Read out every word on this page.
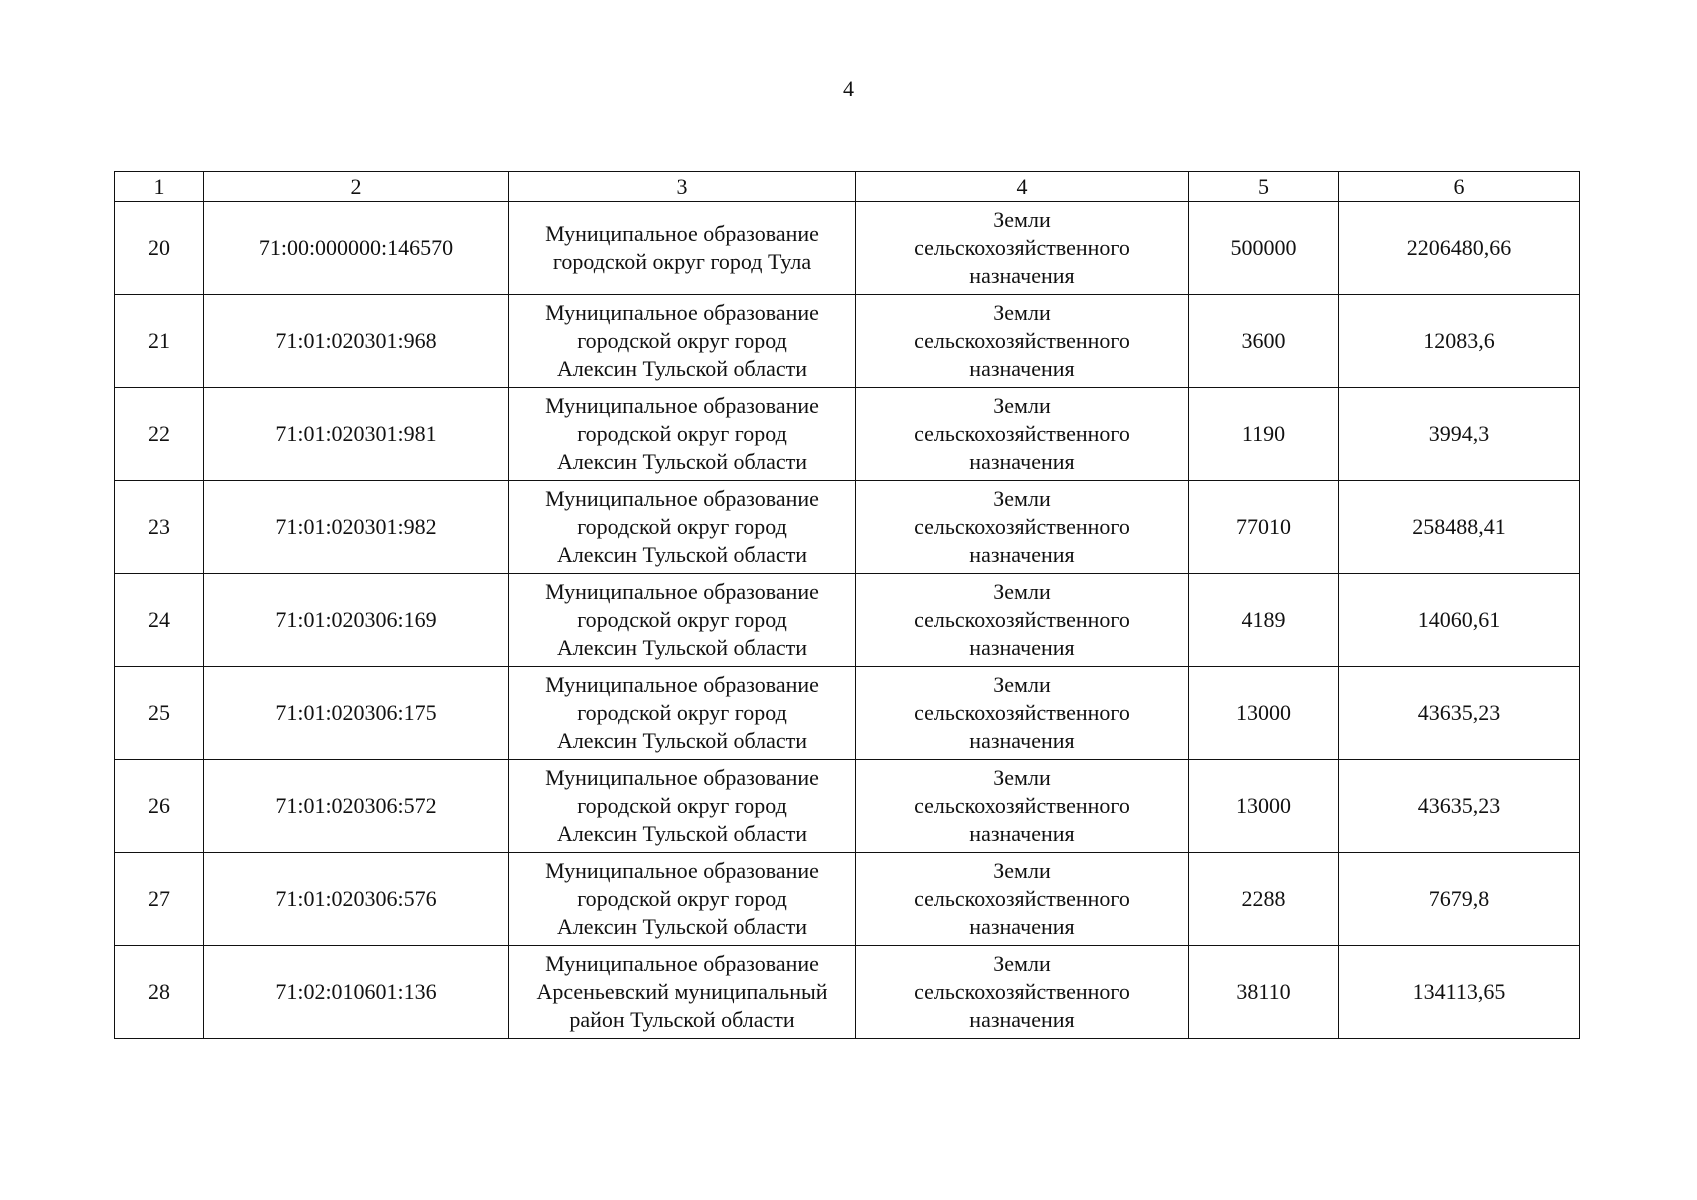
4
1	2	3	4	5	6
20	71:00:000000:146570	Муниципальное образование
городской округ город Тула	Земли
сельскохозяйственного
назначения	500000	2206480,66
21	71:01:020301:968	Муниципальное образование
городской округ город
Алексин Тульской области	Земли
сельскохозяйственного
назначения	3600	12083,6
22	71:01:020301:981	Муниципальное образование
городской округ город
Алексин Тульской области	Земли
сельскохозяйственного
назначения	1190	3994,3
23	71:01:020301:982	Муниципальное образование
городской округ город
Алексин Тульской области	Земли
сельскохозяйственного
назначения	77010	258488,41
24	71:01:020306:169	Муниципальное образование
городской округ город
Алексин Тульской области	Земли
сельскохозяйственного
назначения	4189	14060,61
25	71:01:020306:175	Муниципальное образование
городской округ город
Алексин Тульской области	Земли
сельскохозяйственного
назначения	13000	43635,23
26	71:01:020306:572	Муниципальное образование
городской округ город
Алексин Тульской области	Земли
сельскохозяйственного
назначения	13000	43635,23
27	71:01:020306:576	Муниципальное образование
городской округ город
Алексин Тульской области	Земли
сельскохозяйственного
назначения	2288	7679,8
28	71:02:010601:136	Муниципальное образование
Арсеньевский муниципальный
район Тульской области	Земли
сельскохозяйственного
назначения	38110	134113,65
